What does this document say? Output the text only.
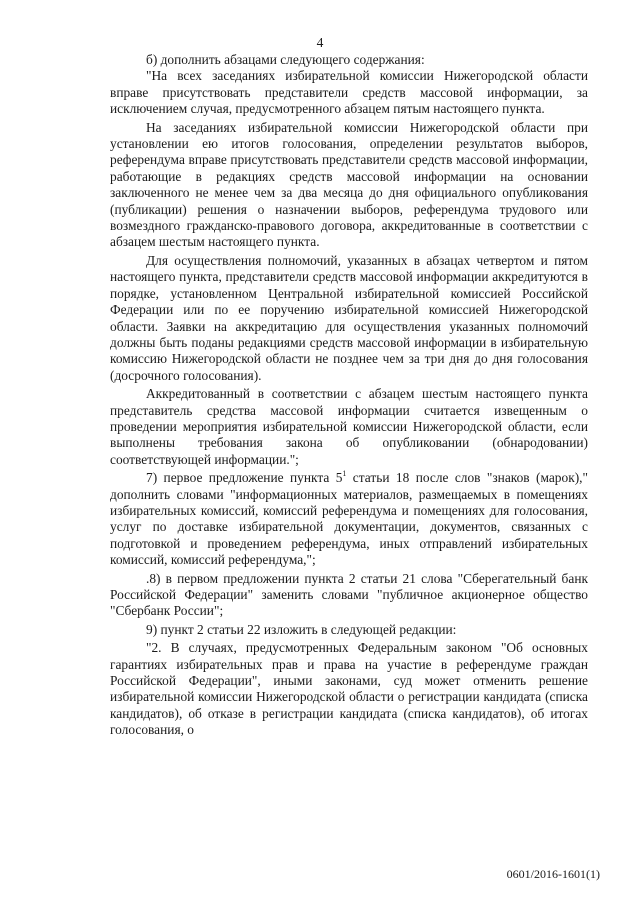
4

б) дополнить абзацами следующего содержания:

"На всех заседаниях избирательной комиссии Нижегородской области вправе присутствовать представители средств массовой информации, за исключением случая, предусмотренного абзацем пятым настоящего пункта.

На заседаниях избирательной комиссии Нижегородской области при установлении ею итогов голосования, определении результатов выборов, референдума вправе присутствовать представители средств массовой информации, работающие в редакциях средств массовой информации на основании заключенного не менее чем за два месяца до дня официального опубликования (публикации) решения о назначении выборов, референдума трудового или возмездного гражданско-правового договора, аккредитованные в соответствии с абзацем шестым настоящего пункта.

Для осуществления полномочий, указанных в абзацах четвертом и пятом настоящего пункта, представители средств массовой информации аккредитуются в порядке, установленном Центральной избирательной комиссией Российской Федерации или по ее поручению избирательной комиссией Нижегородской области. Заявки на аккредитацию для осуществления указанных полномочий должны быть поданы редакциями средств массовой информации в избирательную комиссию Нижегородской области не позднее чем за три дня до дня голосования (досрочного голосования).

Аккредитованный в соответствии с абзацем шестым настоящего пункта представитель средства массовой информации считается извещенным о проведении мероприятия избирательной комиссии Нижегородской области, если выполнены требования закона об опубликовании (обнародовании) соответствующей информации.";

7) первое предложение пункта $5^1$ статьи 18 после слов "знаков (марок)," дополнить словами "информационных материалов, размещаемых в помещениях избирательных комиссий, комиссий референдума и помещениях для голосования, услуг по доставке избирательной документации, документов, связанных с подготовкой и проведением референдума, иных отправлений избирательных комиссий, комиссий референдума,";

.8) в первом предложении пункта 2 статьи 21 слова "Сберегательный банк Российской Федерации" заменить словами "публичное акционерное общество "Сбербанк России";

9) пункт 2 статьи 22 изложить в следующей редакции:

"2. В случаях, предусмотренных Федеральным законом "Об основных гарантиях избирательных прав и права на участие в референдуме граждан Российской Федерации", иными законами, суд может отменить решение избирательной комиссии Нижегородской области о регистрации кандидата (списка кандидатов), об отказе в регистрации кандидата (списка кандидатов), об итогах голосования, о

0601/2016-1601(1)
